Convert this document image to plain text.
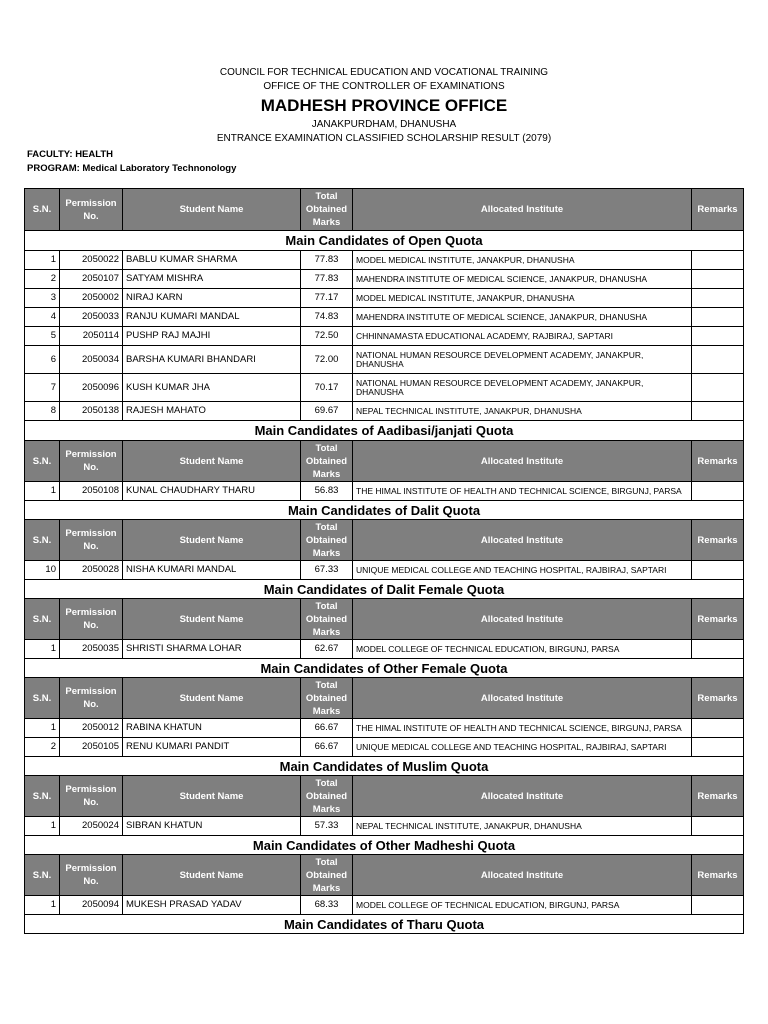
COUNCIL FOR TECHNICAL EDUCATION AND VOCATIONAL TRAINING
OFFICE OF THE CONTROLLER OF EXAMINATIONS
MADHESH PROVINCE OFFICE
JANAKPURDHAM, DHANUSHA
ENTRANCE EXAMINATION CLASSIFIED SCHOLARSHIP RESULT (2079)
FACULTY: HEALTH
PROGRAM: Medical Laboratory Technonology
S.N.	Permission No.	Student Name	Total Obtained Marks	Allocated Institute	Remarks
Main Candidates of Open Quota					
1	2050022	BABLU KUMAR SHARMA	77.83	MODEL MEDICAL INSTITUTE, JANAKPUR, DHANUSHA	
2	2050107	SATYAM MISHRA	77.83	MAHENDRA INSTITUTE OF MEDICAL SCIENCE, JANAKPUR, DHANUSHA	
3	2050002	NIRAJ KARN	77.17	MODEL MEDICAL INSTITUTE, JANAKPUR, DHANUSHA	
4	2050033	RANJU KUMARI MANDAL	74.83	MAHENDRA INSTITUTE OF MEDICAL SCIENCE, JANAKPUR, DHANUSHA	
5	2050114	PUSHP RAJ MAJHI	72.50	CHHINNAMASTA EDUCATIONAL ACADEMY, RAJBIRAJ, SAPTARI	
6	2050034	BARSHA KUMARI BHANDARI	72.00	NATIONAL HUMAN RESOURCE DEVELOPMENT ACADEMY, JANAKPUR, DHANUSHA	
7	2050096	KUSH KUMAR JHA	70.17	NATIONAL HUMAN RESOURCE DEVELOPMENT ACADEMY, JANAKPUR, DHANUSHA	
8	2050138	RAJESH MAHATO	69.67	NEPAL TECHNICAL INSTITUTE, JANAKPUR, DHANUSHA	
Main Candidates of Aadibasi/janjati Quota					
S.N.	Permission No.	Student Name	Total Obtained Marks	Allocated Institute	Remarks
1	2050108	KUNAL CHAUDHARY THARU	56.83	THE HIMAL INSTITUTE OF HEALTH AND TECHNICAL SCIENCE, BIRGUNJ, PARSA	
Main Candidates of Dalit Quota					
S.N.	Permission No.	Student Name	Total Obtained Marks	Allocated Institute	Remarks
10	2050028	NISHA KUMARI MANDAL	67.33	UNIQUE MEDICAL COLLEGE AND TEACHING HOSPITAL, RAJBIRAJ, SAPTARI	
Main Candidates of Dalit Female Quota					
S.N.	Permission No.	Student Name	Total Obtained Marks	Allocated Institute	Remarks
1	2050035	SHRISTI SHARMA LOHAR	62.67	MODEL COLLEGE OF TECHNICAL EDUCATION, BIRGUNJ, PARSA	
Main Candidates of Other Female Quota					
S.N.	Permission No.	Student Name	Total Obtained Marks	Allocated Institute	Remarks
1	2050012	RABINA KHATUN	66.67	THE HIMAL INSTITUTE OF HEALTH AND TECHNICAL SCIENCE, BIRGUNJ, PARSA	
2	2050105	RENU KUMARI PANDIT	66.67	UNIQUE MEDICAL COLLEGE AND TEACHING HOSPITAL, RAJBIRAJ, SAPTARI	
Main Candidates of Muslim Quota					
S.N.	Permission No.	Student Name	Total Obtained Marks	Allocated Institute	Remarks
1	2050024	SIBRAN KHATUN	57.33	NEPAL TECHNICAL INSTITUTE, JANAKPUR, DHANUSHA	
Main Candidates of Other Madheshi Quota					
S.N.	Permission No.	Student Name	Total Obtained Marks	Allocated Institute	Remarks
1	2050094	MUKESH PRASAD YADAV	68.33	MODEL COLLEGE OF TECHNICAL EDUCATION, BIRGUNJ, PARSA	
Main Candidates of Tharu Quota					
